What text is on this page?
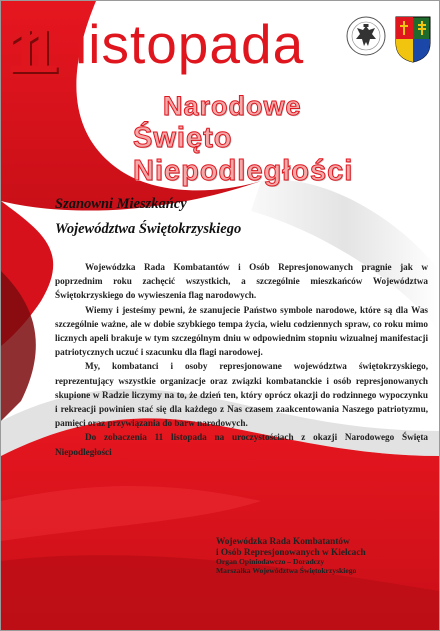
11 listopada
Narodowe
Święto Niepodległości
Szanowni Mieszkańcy
Województwa Świętokrzyskiego

Wojewódzka Rada Kombatantów i Osób Represjonowanych pragnie jak w poprzednim roku zachęcić wszystkich, a szczególnie mieszkańców Województwa Świętokrzyskiego do wywieszenia flag narodowych.

Wiemy i jesteśmy pewni, że szanujecie Państwo symbole narodowe, które są dla Was szczególnie ważne, ale w dobie szybkiego tempa życia, wielu codziennych spraw, co roku mimo licznych apeli brakuje w tym szczególnym dniu w odpowiednim stopniu wizualnej manifestacji patriotycznych uczuć i szacunku dla flagi narodowej.

My, kombatanci i osoby represjonowane województwa świętokrzyskiego, reprezentujący wszystkie organizacje oraz związki kombatanckie i osób represjonowanych skupione w Radzie liczymy na to, że dzień ten, który oprócz okazji do rodzinnego wypoczynku i rekreacji powinien stać się dla każdego z Nas czasem zaakcentowania Naszego patriotyzmu, pamięci oraz przywiązania do barw narodowych.

Do zobaczenia 11 listopada na uroczystościach z okazji Narodowego Święta Niepodległości

Wojewódzka Rada Kombatantów
i Osób Represjonowanych w Kielcach
Organ Opiniodawczo – Doradczy
Marszałka Województwa Świętokrzyskiego
